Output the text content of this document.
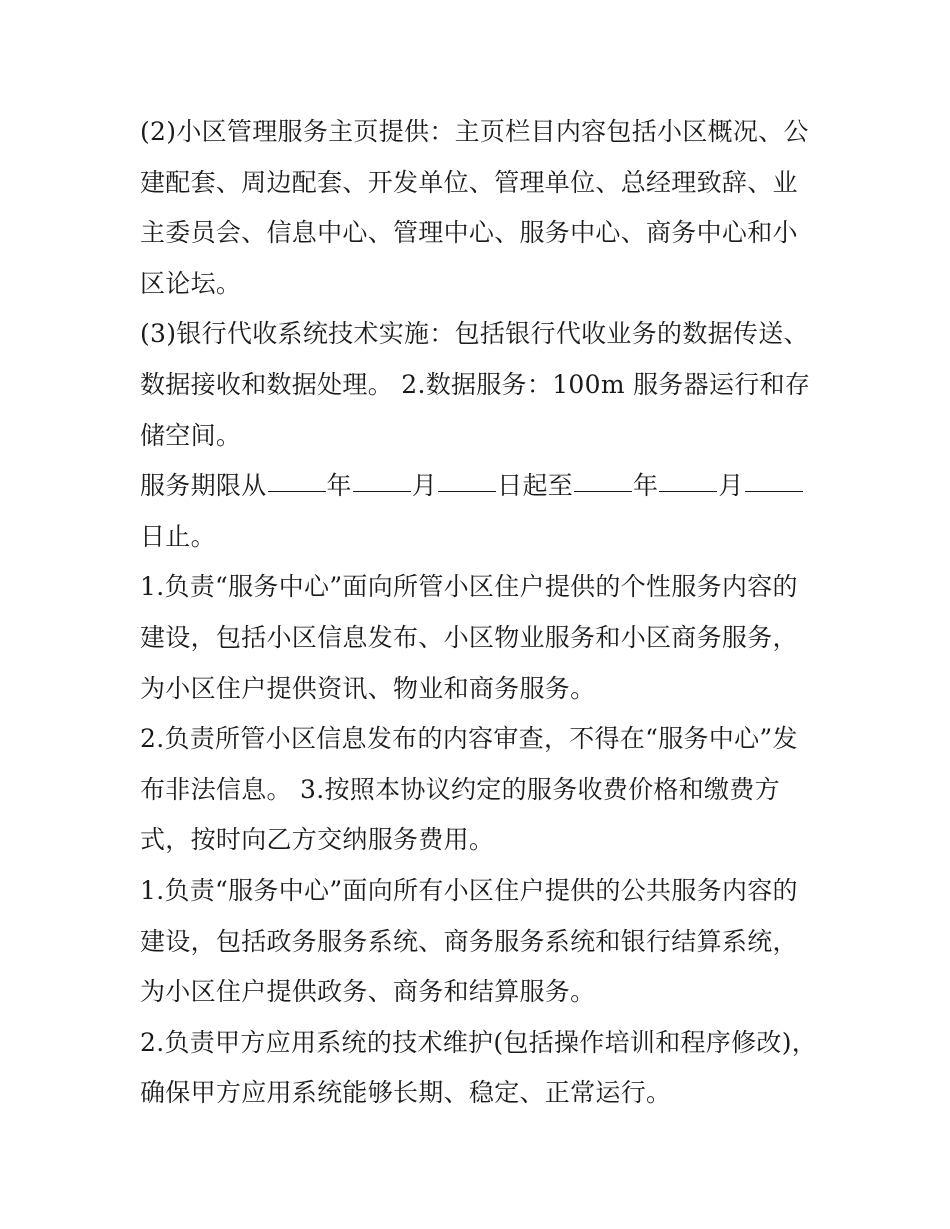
(2)小区管理服务主页提供：主页栏目内容包括小区概况、公建配套、周边配套、开发单位、管理单位、总经理致辞、业主委员会、信息中心、管理中心、服务中心、商务中心和小区论坛。

(3)银行代收系统技术实施：包括银行代收业务的数据传送、数据接收和数据处理。 2.数据服务：100m 服务器运行和存储空间。

服务期限从 年 月 日起至 年 月日止。

1.负责“服务中心”面向所管小区住户提供的个性服务内容的建设，包括小区信息发布、小区物业服务和小区商务服务，为小区住户提供资讯、物业和商务服务。

2.负责所管小区信息发布的内容审查，不得在“服务中心”发布非法信息。 3.按照本协议约定的服务收费价格和缴费方式，按时向乙方交纳服务费用。

1.负责“服务中心”面向所有小区住户提供的公共服务内容的建设，包括政务服务系统、商务服务系统和银行结算系统，为小区住户提供政务、商务和结算服务。

2.负责甲方应用系统的技术维护(包括操作培训和程序修改)，确保甲方应用系统能够长期、稳定、正常运行。
